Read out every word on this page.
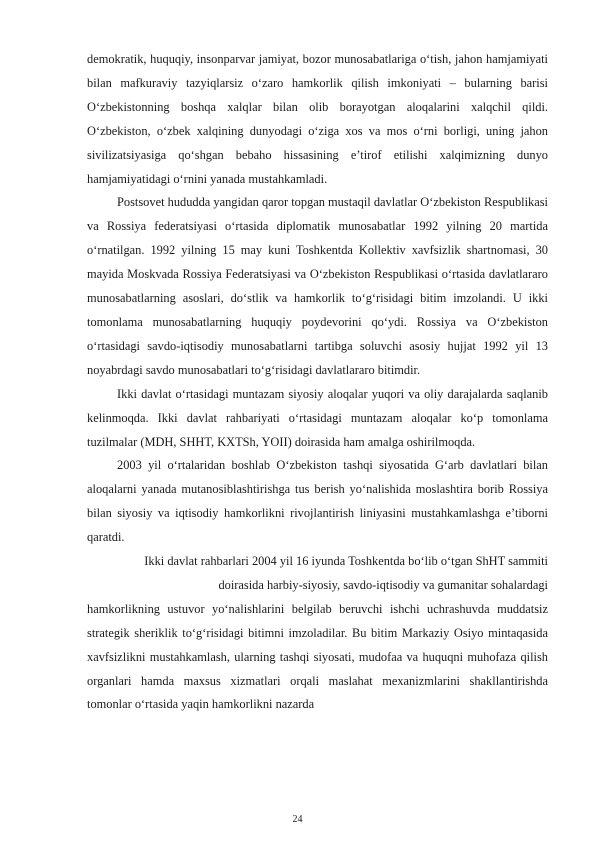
demokratik, huquqiy, insonparvar jamiyat, bozor munosabatlariga o‘tish, jahon hamjamiyati bilan mafkuraviy tazyiqlarsiz o‘zaro hamkorlik qilish imkoniyati – bularning barisi O‘zbekistonning boshqa xalqlar bilan olib borayotgan aloqalarini xalqchil qildi. O‘zbekiston, o‘zbek xalqining dunyodagi o‘ziga xos va mos o‘rni borligi, uning jahon sivilizatsiyasiga qo‘shgan bebaho hissasining e’tirof etilishi xalqimizning dunyo hamjamiyatidagi o‘rnini yanada mustahkamladi.

Postsovet hududda yangidan qaror topgan mustaqil davlatlar O‘zbekiston Respublikasi va Rossiya federatsiyasi o‘rtasida diplomatik munosabatlar 1992 yilning 20 martida o‘rnatilgan. 1992 yilning 15 may kuni Toshkentda Kollektiv xavfsizlik shartnomasi, 30 mayida Moskvada Rossiya Federatsiyasi va O‘zbekiston Respublikasi o‘rtasida davlatlararo munosabatlarning asoslari, do‘stlik va hamkorlik to‘g‘risidagi bitim imzolandi. U ikki tomonlama munosabatlarning huquqiy poydevorini qo‘ydi. Rossiya va O‘zbekiston o‘rtasidagi savdo-iqtisodiy munosabatlarni tartibga soluvchi asosiy hujjat 1992 yil 13 noyabrdagi savdo munosabatlari to‘g‘risidagi davlatlararo bitimdir.

Ikki davlat o‘rtasidagi muntazam siyosiy aloqalar yuqori va oliy darajalarda saqlanib kelinmoqda. Ikki davlat rahbariyati o‘rtasidagi muntazam aloqalar ko‘p tomonlama tuzilmalar (MDH, SHHT, KXTSh, YOII) doirasida ham amalga oshirilmoqda.

2003 yil o‘rtalaridan boshlab O‘zbekiston tashqi siyosatida G‘arb davlatlari bilan aloqalarni yanada mutanosiblashtirishga tus berish yo‘nalishida moslashtira borib Rossiya bilan siyosiy va iqtisodiy hamkorlikni rivojlantirish liniyasini mustahkamlashga e’tiborni qaratdi.

Ikki davlat rahbarlari 2004 yil 16 iyunda Toshkentda bo‘lib o‘tgan ShHT sammiti
doirasida harbiy-siyosiy, savdo-iqtisodiy va gumanitar sohalardagi
hamkorlikning ustuvor yo‘nalishlarini belgilab beruvchi ishchi uchrashuvda muddatsiz strategik sheriklik to‘g‘risidagi bitimni imzoladilar. Bu bitim Markaziy Osiyo mintaqasida xavfsizlikni mustahkamlash, ularning tashqi siyosati, mudofaa va huquqni muhofaza qilish organlari hamda maxsus xizmatlari orqali maslahat mexanizmlarini shakllantirishda tomonlar o‘rtasida yaqin hamkorlikni nazarda
24
